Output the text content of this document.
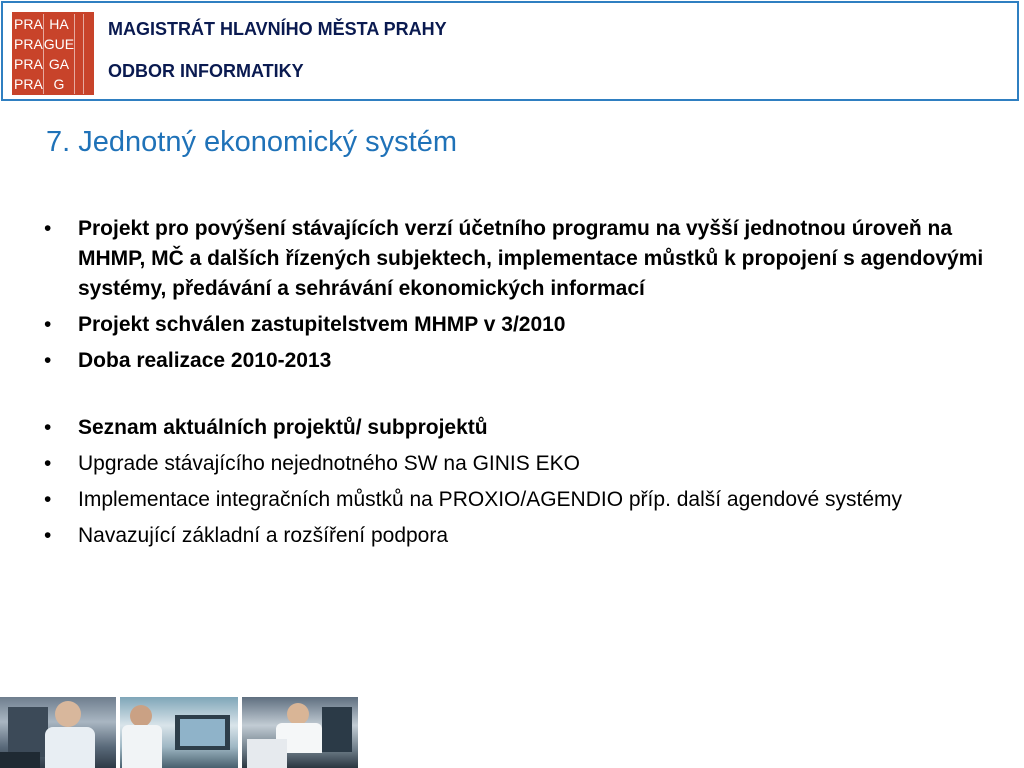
PRA HA
PRA GUE
PRA GA
PRA G
MAGISTRÁT HLAVNÍHO MĚSTA PRAHY
ODBOR INFORMATIKY
7. Jednotný ekonomický systém
• Projekt pro povýšení stávajících verzí účetního programu na vyšší jednotnou úroveň na MHMP, MČ a dalších řízených subjektech, implementace můstků k propojení s agendovými systémy, předávání a sehrávání ekonomických informací
• Projekt schválen zastupitelstvem MHMP v 3/2010
• Doba realizace 2010-2013
• Seznam aktuálních projektů/ subprojektů
• Upgrade stávajícího nejednotného SW na GINIS EKO
• Implementace integračních můstků na PROXIO/AGENDIO příp. další agendové systémy
• Navazující základní a rozšíření podpora
